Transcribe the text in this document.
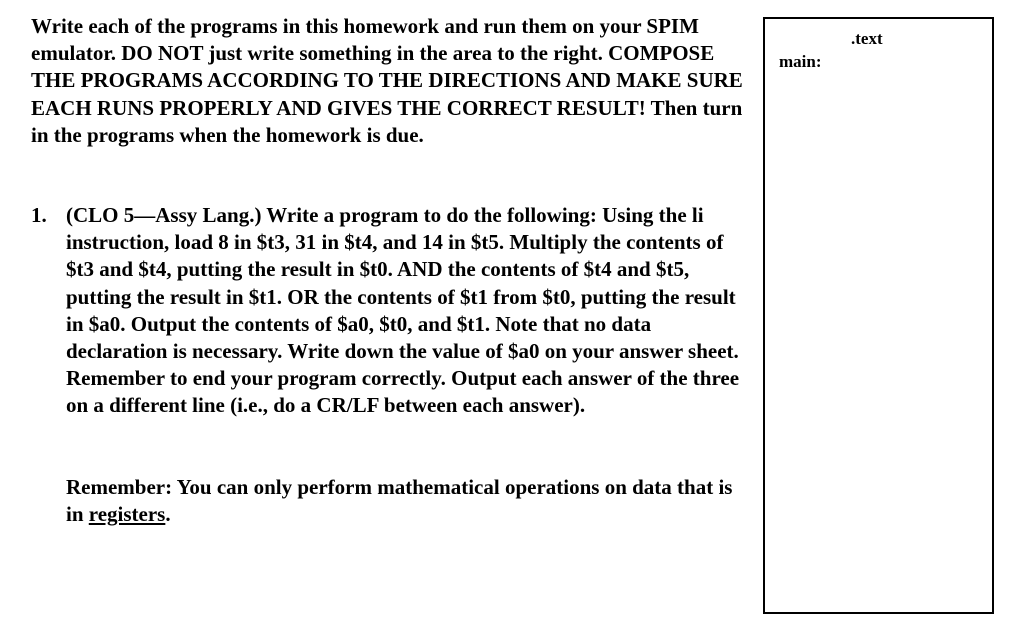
Write each of the programs in this homework and run them on your SPIM emulator. DO NOT just write something in the area to the right. COMPOSE THE PROGRAMS ACCORDING TO THE DIRECTIONS AND MAKE SURE EACH RUNS PROPERLY AND GIVES THE CORRECT RESULT! Then turn in the programs when the homework is due.

1. (CLO 5—Assy Lang.) Write a program to do the following: Using the li instruction, load 8 in $t3, 31 in $t4, and 14 in $t5. Multiply the contents of $t3 and $t4, putting the result in $t0. AND the contents of $t4 and $t5, putting the result in $t1. OR the contents of $t1 from $t0, putting the result in $a0. Output the contents of $a0, $t0, and $t1. Note that no data declaration is necessary. Write down the value of $a0 on your answer sheet. Remember to end your program correctly. Output each answer of the three on a different line (i.e., do a CR/LF between each answer).

Remember: You can only perform mathematical operations on data that is in registers.

.text
main:
